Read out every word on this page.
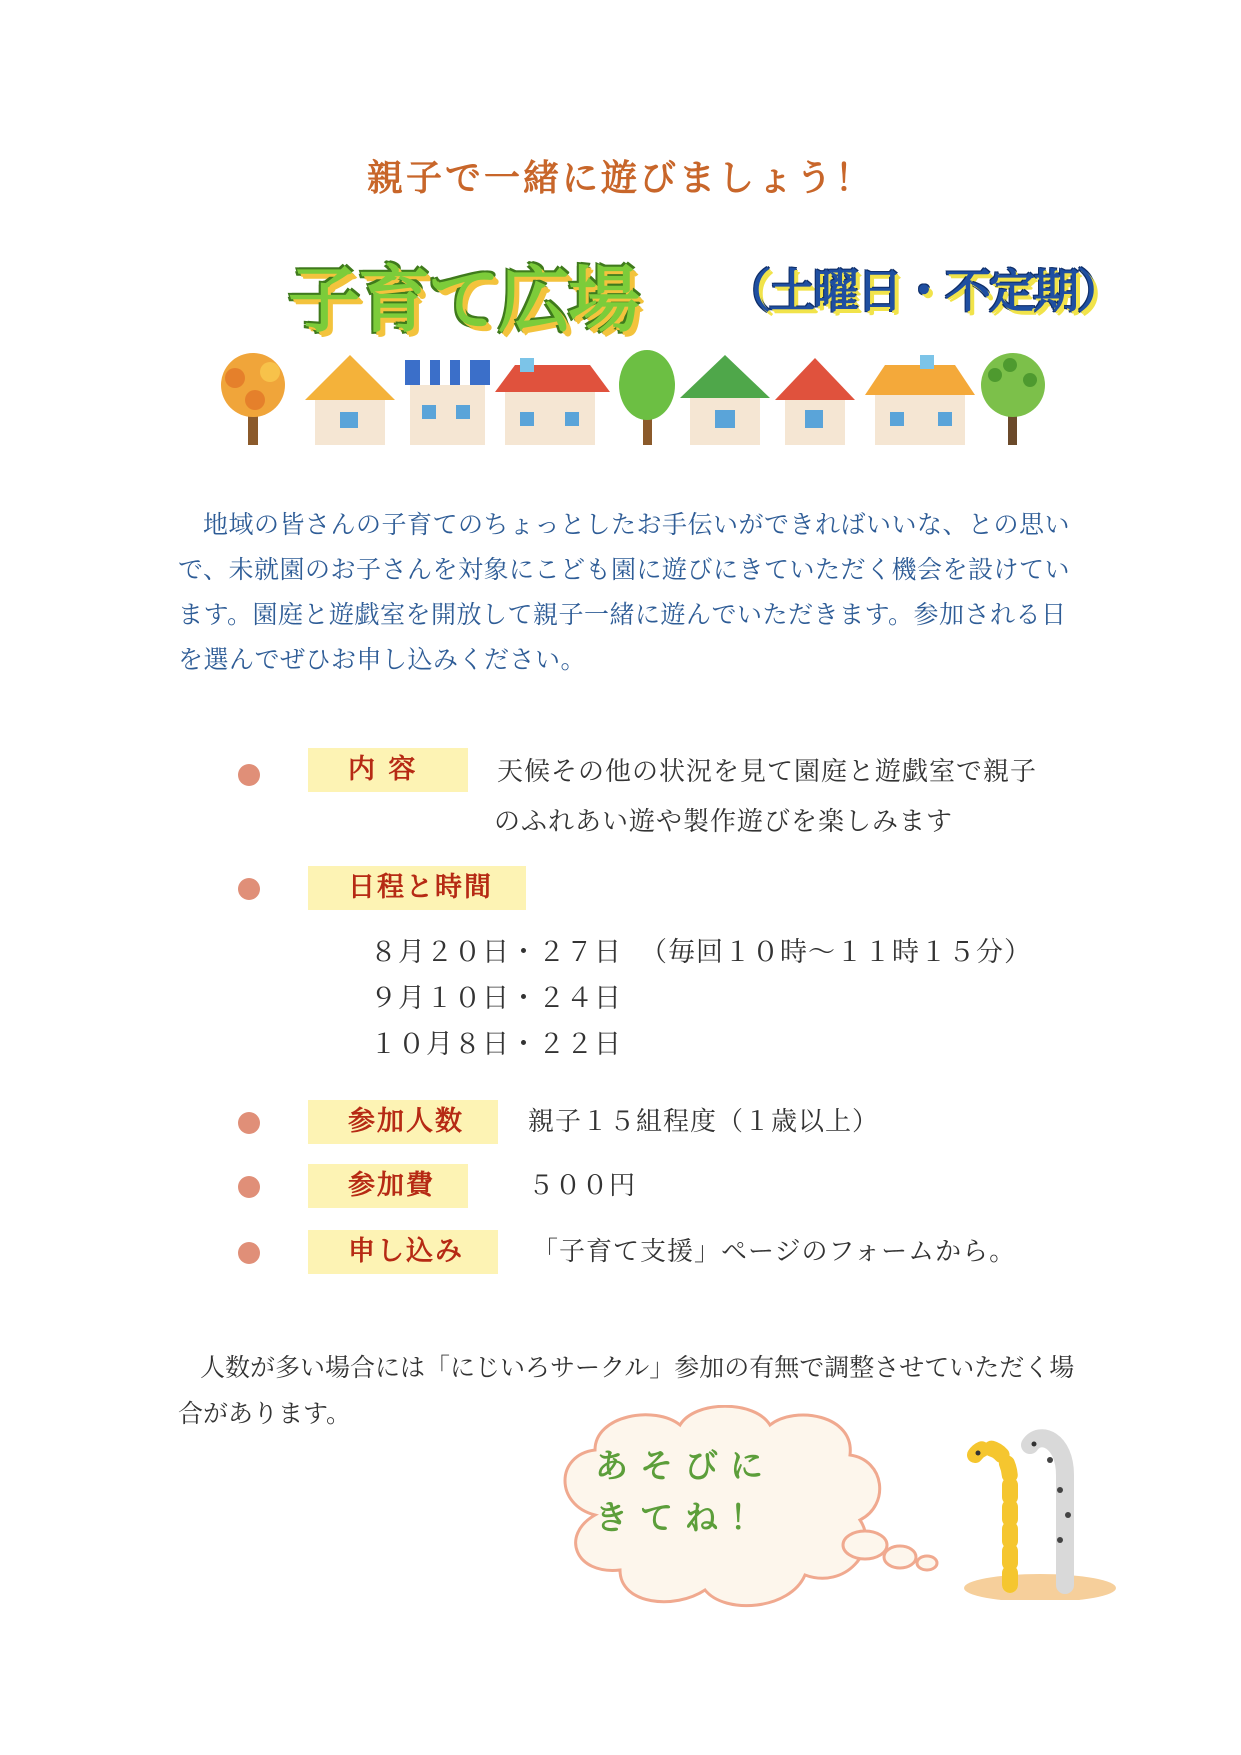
親子で一緒に遊びましょう！
子育て広場 （土曜日・不定期）
地域の皆さんの子育てのちょっとしたお手伝いができればいいな、との思いで、未就園のお子さんを対象にこども園に遊びにきていただく機会を設けています。園庭と遊戯室を開放して親子一緒に遊んでいただきます。参加される日を選んでぜひお申し込みください。
内 容	天候その他の状況を見て園庭と遊戯室で親子
のふれあい遊や製作遊びを楽しみます
日程と時間
８月２０日・２７日 （毎回１０時～１１時１５分）
９月１０日・２４日
１０月８日・２２日
参加人数	親子１５組程度（１歳以上）
参加費	５００円
申し込み	「子育て支援」ページのフォームから。
人数が多い場合には「にじいろサークル」参加の有無で調整させていただく場合があります。
あそびに
きてね！
